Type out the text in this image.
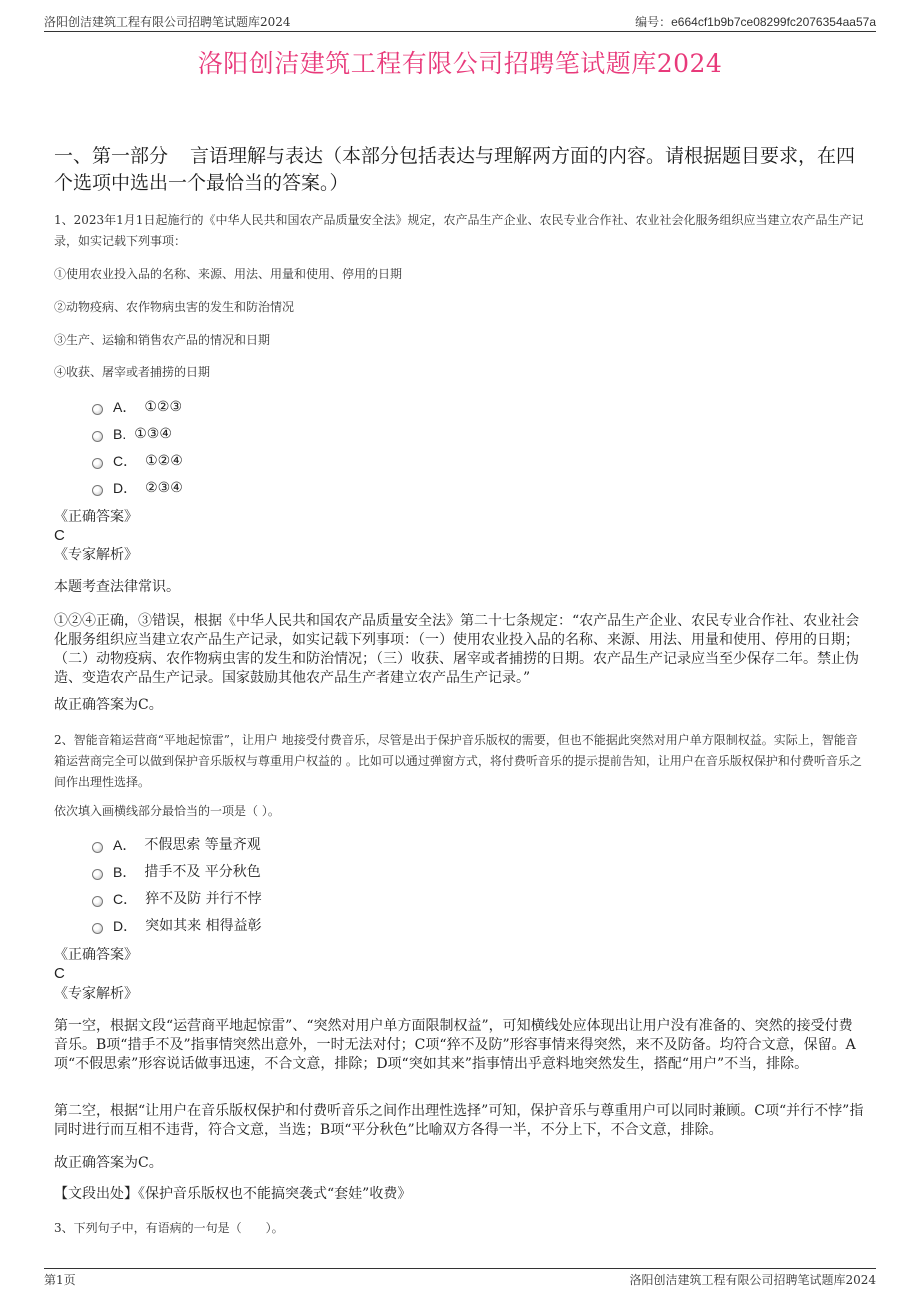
洛阳创洁建筑工程有限公司招聘笔试题库2024	编号：e664cf1b9b7ce08299fc2076354aa57a
洛阳创洁建筑工程有限公司招聘笔试题库2024
一、第一部分 言语理解与表达（本部分包括表达与理解两方面的内容。请根据题目要求，在四个选项中选出一个最恰当的答案。）
1、2023年1月1日起施行的《中华人民共和国农产品质量安全法》规定，农产品生产企业、农民专业合作社、农业社会化服务组织应当建立农产品生产记录，如实记载下列事项：
①使用农业投入品的名称、来源、用法、用量和使用、停用的日期
②动物疫病、农作物病虫害的发生和防治情况
③生产、运输和销售农产品的情况和日期
④收获、屠宰或者捕捞的日期
A． ①②③
B. ①③④
C． ①②④
D． ②③④
《正确答案》
C
《专家解析》
本题考查法律常识。
①②④正确，③错误，根据《中华人民共和国农产品质量安全法》第二十七条规定：“农产品生产企业、农民专业合作社、农业社会化服务组织应当建立农产品生产记录，如实记载下列事项：（一）使用农业投入品的名称、来源、用法、用量和使用、停用的日期；（二）动物疫病、农作物病虫害的发生和防治情况；（三）收获、屠宰或者捕捞的日期。农产品生产记录应当至少保存二年。禁止伪造、变造农产品生产记录。国家鼓励其他农产品生产者建立农产品生产记录。”
故正确答案为C。
2、智能音箱运营商“平地起惊雷”，让用户 地接受付费音乐，尽管是出于保护音乐版权的需要，但也不能据此突然对用户单方限制权益。实际上，智能音箱运营商完全可以做到保护音乐版权与尊重用户权益的 。比如可以通过弹窗方式，将付费听音乐的提示提前告知，让用户在音乐版权保护和付费听音乐之间作出理性选择。
依次填入画横线部分最恰当的一项是（ ）。
A． 不假思索 等量齐观
B． 措手不及 平分秋色
C． 猝不及防 并行不悖
D． 突如其来 相得益彰
《正确答案》
C
《专家解析》
第一空，根据文段“运营商平地起惊雷”、“突然对用户单方面限制权益”，可知横线处应体现出让用户没有准备的、突然的接受付费音乐。B项“措手不及”指事情突然出意外，一时无法对付；C项“猝不及防”形容事情来得突然，来不及防备。均符合文意，保留。A项“不假思索”形容说话做事迅速，不合文意，排除；D项“突如其来”指事情出乎意料地突然发生，搭配“用户”不当，排除。
第二空，根据“让用户在音乐版权保护和付费听音乐之间作出理性选择”可知，保护音乐与尊重用户可以同时兼顾。C项“并行不悖”指同时进行而互相不违背，符合文意，当选；B项“平分秋色”比喻双方各得一半，不分上下，不合文意，排除。
故正确答案为C。
【文段出处】《保护音乐版权也不能搞突袭式“套娃”收费》
3、下列句子中，有语病的一句是（　　）。
第1页	洛阳创洁建筑工程有限公司招聘笔试题库2024
